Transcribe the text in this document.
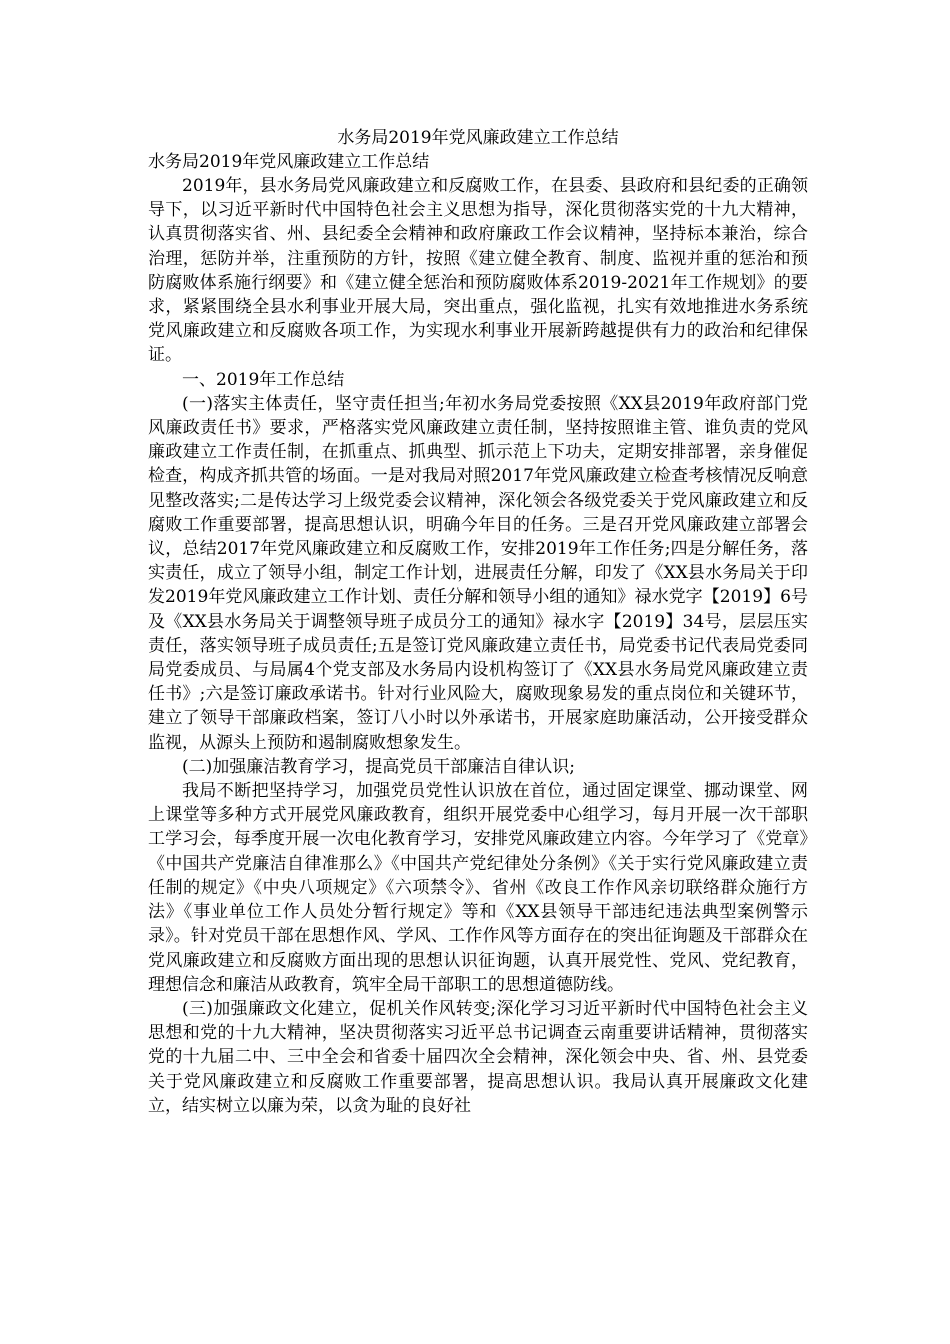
水务局2019年党风廉政建立工作总结
水务局2019年党风廉政建立工作总结

2019年，县水务局党风廉政建立和反腐败工作，在县委、县政府和县纪委的正确领导下，以习近平新时代中国特色社会主义思想为指导，深化贯彻落实党的十九大精神，认真贯彻落实省、州、县纪委全会精神和政府廉政工作会议精神，坚持标本兼治，综合治理，惩防并举，注重预防的方针，按照《建立健全教育、制度、监视并重的惩治和预防腐败体系施行纲要》和《建立健全惩治和预防腐败体系2019-2021年工作规划》的要求，紧紧围绕全县水利事业开展大局，突出重点，强化监视，扎实有效地推进水务系统党风廉政建立和反腐败各项工作，为实现水利事业开展新跨越提供有力的政治和纪律保证。

一、2019年工作总结

(一)落实主体责任，坚守责任担当;年初水务局党委按照《XX县2019年政府部门党风廉政责任书》要求，严格落实党风廉政建立责任制，坚持按照谁主管、谁负责的党风廉政建立工作责任制，在抓重点、抓典型、抓示范上下功夫，定期安排部署，亲身催促检查，构成齐抓共管的场面。一是对我局对照2017年党风廉政建立检查考核情况反响意见整改落实;二是传达学习上级党委会议精神，深化领会各级党委关于党风廉政建立和反腐败工作重要部署，提高思想认识，明确今年目的任务。三是召开党风廉政建立部署会议，总结2017年党风廉政建立和反腐败工作，安排2019年工作任务;四是分解任务，落实责任，成立了领导小组，制定工作计划，进展责任分解，印发了《XX县水务局关于印发2019年党风廉政建立工作计划、责任分解和领导小组的通知》禄水党字【2019】6号及《XX县水务局关于调整领导班子成员分工的通知》禄水字【2019】34号，层层压实责任，落实领导班子成员责任;五是签订党风廉政建立责任书，局党委书记代表局党委同局党委成员、与局属4个党支部及水务局内设机构签订了《XX县水务局党风廉政建立责任书》;六是签订廉政承诺书。针对行业风险大，腐败现象易发的重点岗位和关键环节，建立了领导干部廉政档案，签订八小时以外承诺书，开展家庭助廉活动，公开接受群众监视，从源头上预防和遏制腐败想象发生。

(二)加强廉洁教育学习，提高党员干部廉洁自律认识;

我局不断把坚持学习，加强党员党性认识放在首位，通过固定课堂、挪动课堂、网上课堂等多种方式开展党风廉政教育，组织开展党委中心组学习，每月开展一次干部职工学习会，每季度开展一次电化教育学习，安排党风廉政建立内容。今年学习了《党章》《中国共产党廉洁自律准那么》《中国共产党纪律处分条例》《关于实行党风廉政建立责任制的规定》《中央八项规定》《六项禁令》、省州《改良工作作风亲切联络群众施行方法》《事业单位工作人员处分暂行规定》等和《XX县领导干部违纪违法典型案例警示录》。针对党员干部在思想作风、学风、工作作风等方面存在的突出征询题及干部群众在党风廉政建立和反腐败方面出现的思想认识征询题，认真开展党性、党风、党纪教育，理想信念和廉洁从政教育，筑牢全局干部职工的思想道德防线。

(三)加强廉政文化建立，促机关作风转变;深化学习习近平新时代中国特色社会主义思想和党的十九大精神，坚决贯彻落实习近平总书记调查云南重要讲话精神，贯彻落实党的十九届二中、三中全会和省委十届四次全会精神，深化领会中央、省、州、县党委关于党风廉政建立和反腐败工作重要部署，提高思想认识。我局认真开展廉政文化建立，结实树立以廉为荣，以贪为耻的良好社
